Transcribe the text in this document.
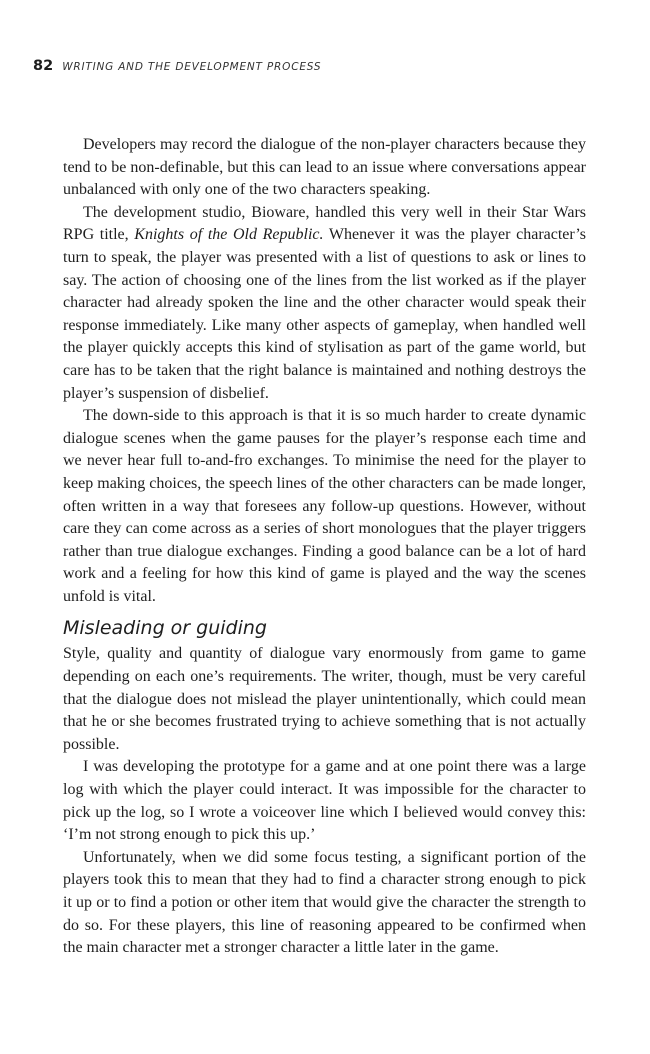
82 WRITING AND THE DEVELOPMENT PROCESS

Developers may record the dialogue of the non-player characters because they tend to be non-definable, but this can lead to an issue where conversations appear unbalanced with only one of the two characters speaking.

The development studio, Bioware, handled this very well in their Star Wars RPG title, Knights of the Old Republic. Whenever it was the player character’s turn to speak, the player was presented with a list of questions to ask or lines to say. The action of choosing one of the lines from the list worked as if the player character had already spoken the line and the other character would speak their response immediately. Like many other aspects of gameplay, when handled well the player quickly accepts this kind of stylisation as part of the game world, but care has to be taken that the right balance is maintained and nothing destroys the player’s suspension of disbelief.

The down-side to this approach is that it is so much harder to create dynamic dialogue scenes when the game pauses for the player’s response each time and we never hear full to-and-fro exchanges. To minimise the need for the player to keep making choices, the speech lines of the other characters can be made longer, often written in a way that foresees any follow-up questions. However, without care they can come across as a series of short monologues that the player triggers rather than true dialogue exchanges. Finding a good balance can be a lot of hard work and a feeling for how this kind of game is played and the way the scenes unfold is vital.

Misleading or guiding

Style, quality and quantity of dialogue vary enormously from game to game depending on each one’s requirements. The writer, though, must be very careful that the dialogue does not mislead the player unintentionally, which could mean that he or she becomes frustrated trying to achieve something that is not actually possible.

I was developing the prototype for a game and at one point there was a large log with which the player could interact. It was impossible for the character to pick up the log, so I wrote a voiceover line which I believed would convey this: ‘I’m not strong enough to pick this up.’

Unfortunately, when we did some focus testing, a significant portion of the players took this to mean that they had to find a character strong enough to pick it up or to find a potion or other item that would give the character the strength to do so. For these players, this line of reasoning appeared to be confirmed when the main character met a stronger character a little later in the game.
